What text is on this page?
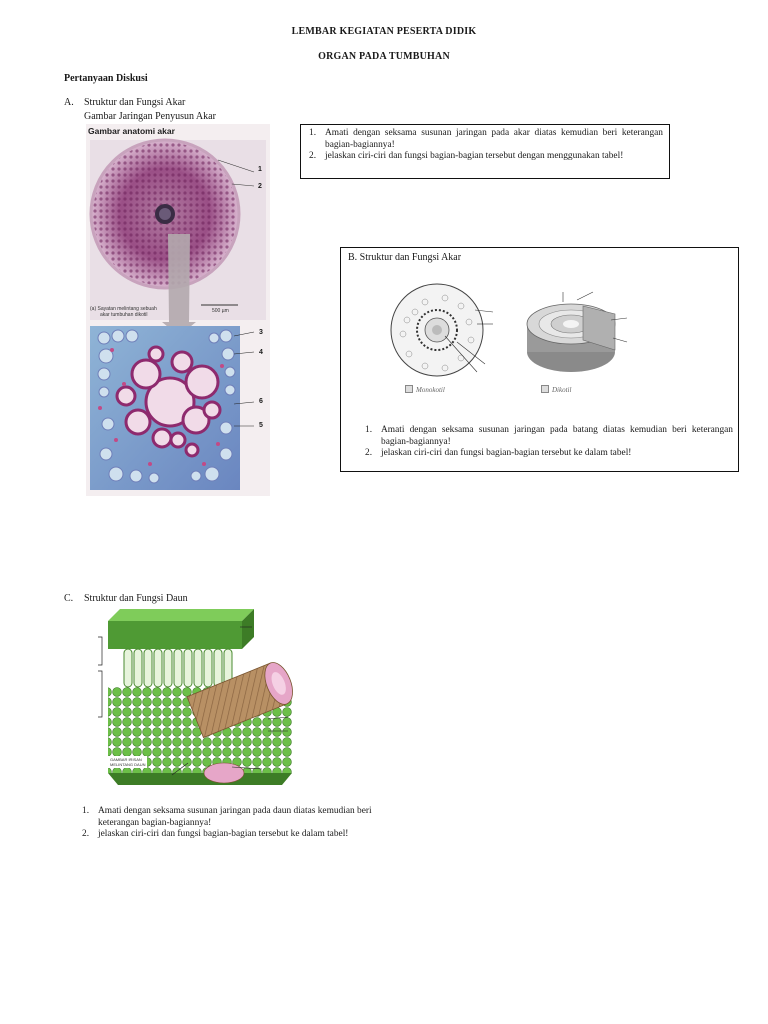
LEMBAR KEGIATAN PESERTA DIDIK
ORGAN PADA TUMBUHAN
Pertanyaan Diskusi
A. Struktur dan Fungsi Akar
Gambar Jaringan Penyusun Akar
Gambar anatomi akar
(a) Sayatan melintang sebuah
akar tumbuhan dikotil
500 µm
1
2
3
4
6
5
1. Amati dengan seksama susunan jaringan pada akar diatas kemudian beri keterangan bagian-bagiannya!
2. jelaskan ciri-ciri dan fungsi bagian-bagian tersebut dengan menggunakan tabel!
B. Struktur dan Fungsi Akar
Monokotil	Dikotil
1. Amati dengan seksama susunan jaringan pada batang diatas kemudian beri keterangan bagian-bagiannya!
2. jelaskan ciri-ciri dan fungsi bagian-bagian tersebut ke dalam tabel!
C. Struktur dan Fungsi Daun
GAMBAR IRISAN
MELINTANG DAUN
1. Amati dengan seksama susunan jaringan pada daun diatas kemudian beri keterangan bagian-bagiannya!
2. jelaskan ciri-ciri dan fungsi bagian-bagian tersebut ke dalam tabel!
